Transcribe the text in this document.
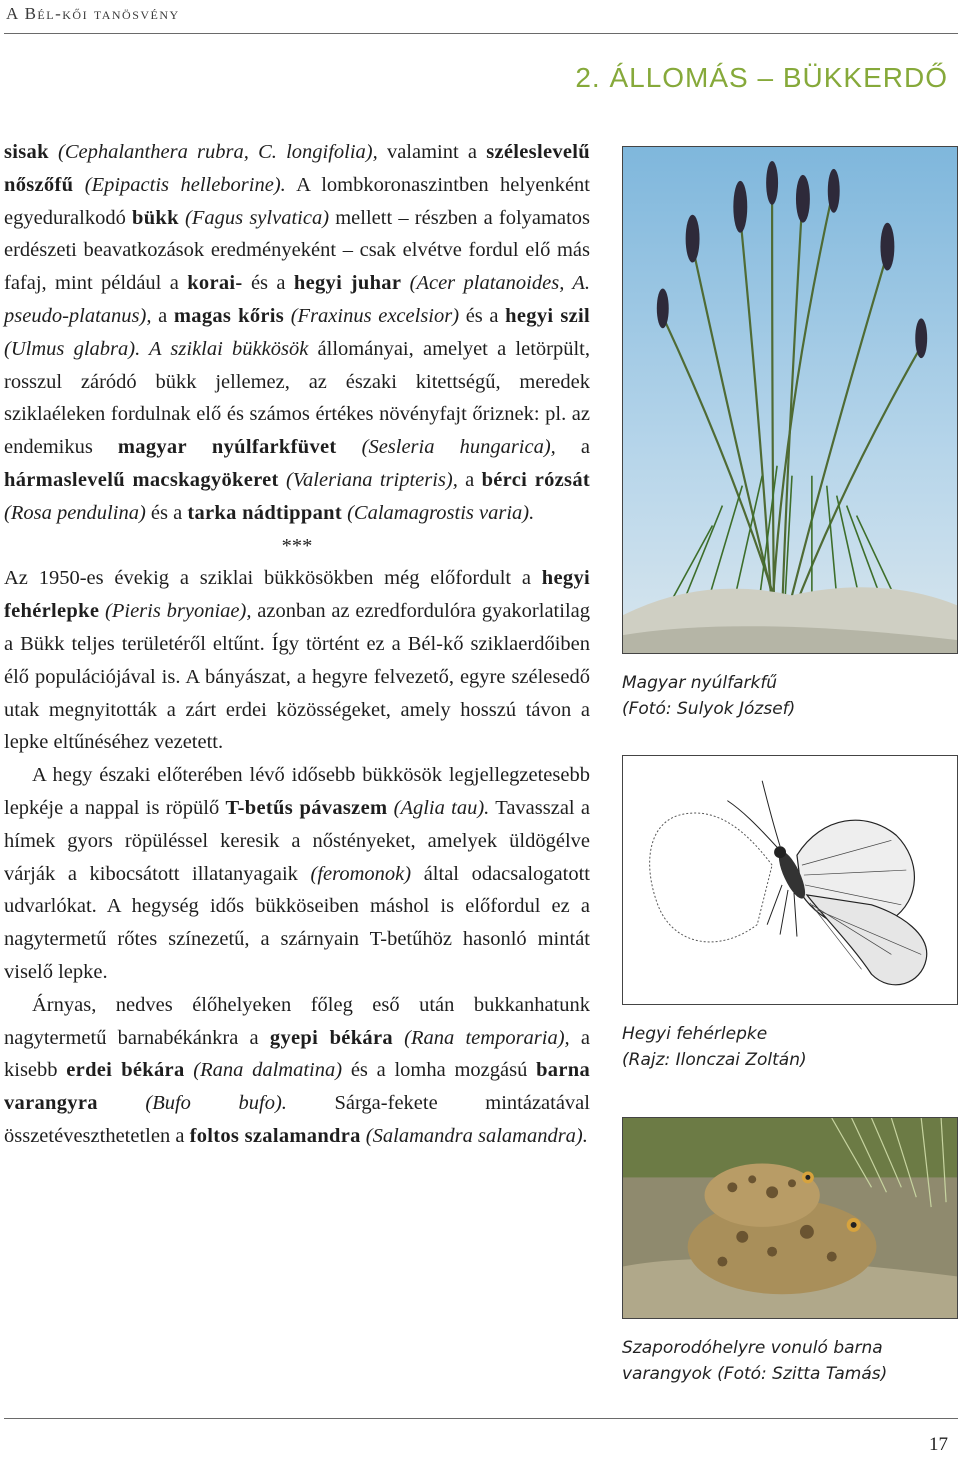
A Bél-kői tanösvény
2. ÁLLOMÁS – BÜKKERDŐ

sisak (Cephalanthera rubra, C. longifolia), valamint a széleslevelű nőszőfű (Epipactis helleborine). A lombkoronaszintben helyenként egyeduralkodó bükk (Fagus sylvatica) mellett – részben a folyamatos erdészeti beavatkozások eredményeként – csak elvétve fordul elő más fafaj, mint például a korai- és a hegyi juhar (Acer platanoides, A. pseudo-platanus), a magas kőris (Fraxinus excelsior) és a hegyi szil (Ulmus glabra). A sziklai bükkösök állományai, amelyet a letörpült, rosszul záródó bükk jellemez, az északi kitettségű, meredek sziklaéleken fordulnak elő és számos értékes növényfajt őriznek: pl. az endemikus magyar nyúlfarkfüvet (Sesleria hungarica), a hármaslevelű macskagyökeret (Valeriana tripteris), a bérci rózsát (Rosa pendulina) és a tarka nádtippant (Calamagrostis varia).

***

Az 1950-es évekig a sziklai bükkösökben még előfordult a hegyi fehérlepke (Pieris bryoniae), azonban az ezredfordulóra gyakorlatilag a Bükk teljes területéről eltűnt. Így történt ez a Bél-kő sziklaerdőiben élő populációjával is. A bányászat, a hegyre felvezető, egyre szélesedő utak megnyitották a zárt erdei közösségeket, amely hosszú távon a lepke eltűnéséhez vezetett.

A hegy északi előterében lévő idősebb bükkösök legjellegzetesebb lepkéje a nappal is röpülő T-betűs pávaszem (Aglia tau). Tavasszal a hímek gyors röpüléssel keresik a nőstényeket, amelyek üldögélve várják a kibocsátott illatanyagaik (feromonok) által odacsalogatott udvarlókat. A hegység idős bükköseiben máshol is előfordul ez a nagytermetű rőtes színezetű, a szárnyain T-betűhöz hasonló mintát viselő lepke.

Árnyas, nedves élőhelyeken főleg eső után bukkanhatunk nagytermetű barnabékánkra a gyepi békára (Rana temporaria), a kisebb erdei békára (Rana dalmatina) és a lomha mozgású barna varangyra (Bufo bufo). Sárga-fekete mintázatával összetéveszthetetlen a foltos szalamandra (Salamandra salamandra).

Magyar nyúlfarkfű
(Fotó: Sulyok József)
Hegyi fehérlepke
(Rajz: Ilonczai Zoltán)
Szaporodóhelyre vonuló barna
varangyok (Fotó: Szitta Tamás)
17
